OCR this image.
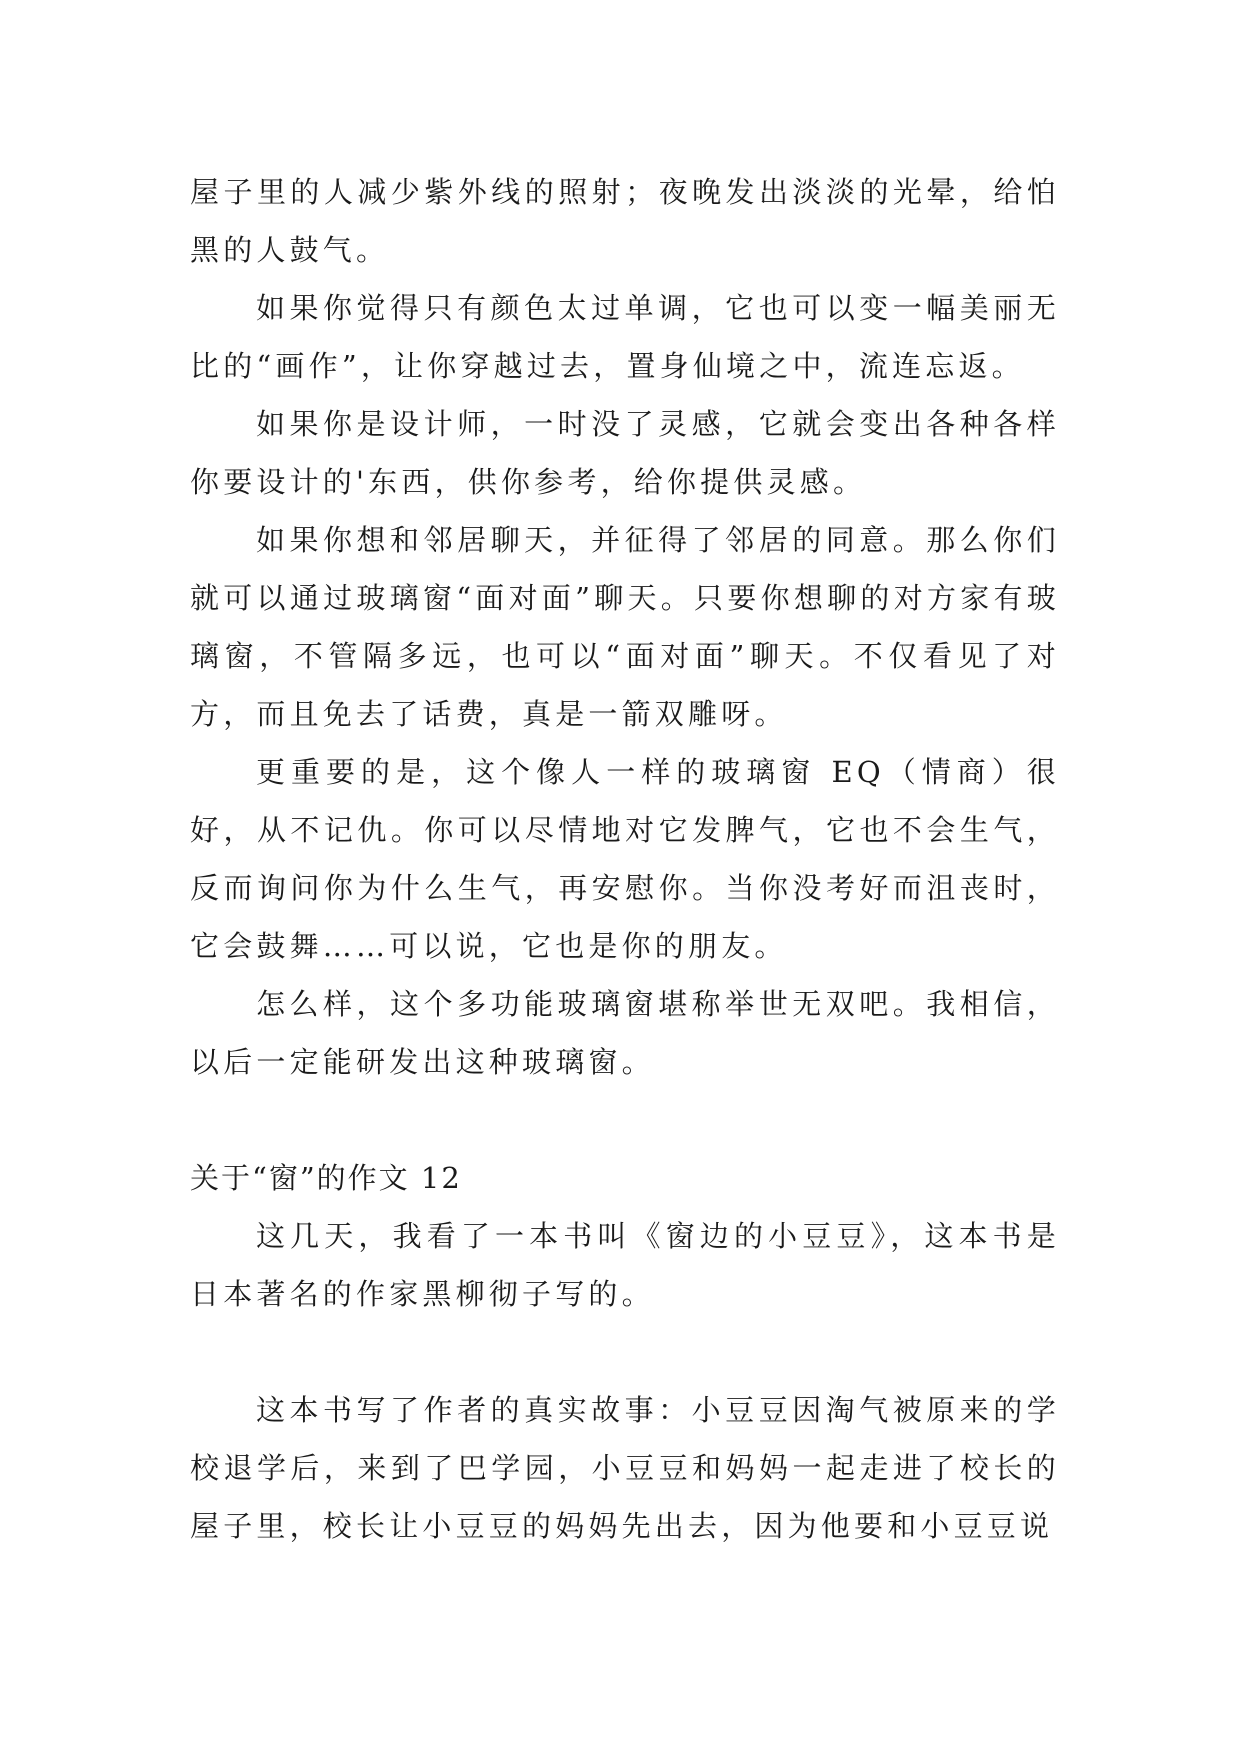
屋子里的人减少紫外线的照射；夜晚发出淡淡的光晕，给怕黑的人鼓气。

如果你觉得只有颜色太过单调，它也可以变一幅美丽无比的“画作”，让你穿越过去，置身仙境之中，流连忘返。

如果你是设计师，一时没了灵感，它就会变出各种各样你要设计的'东西，供你参考，给你提供灵感。

如果你想和邻居聊天，并征得了邻居的同意。那么你们就可以通过玻璃窗“面对面”聊天。只要你想聊的对方家有玻璃窗，不管隔多远，也可以“面对面”聊天。不仅看见了对方，而且免去了话费，真是一箭双雕呀。

更重要的是，这个像人一样的玻璃窗 EQ（情商）很好，从不记仇。你可以尽情地对它发脾气，它也不会生气，反而询问你为什么生气，再安慰你。当你没考好而沮丧时，它会鼓舞……可以说，它也是你的朋友。

怎么样，这个多功能玻璃窗堪称举世无双吧。我相信，以后一定能研发出这种玻璃窗。

关于“窗”的作文 12

这几天，我看了一本书叫《窗边的小豆豆》，这本书是日本著名的作家黑柳彻子写的。

这本书写了作者的真实故事：小豆豆因淘气被原来的学校退学后，来到了巴学园，小豆豆和妈妈一起走进了校长的屋子里，校长让小豆豆的妈妈先出去，因为他要和小豆豆说
